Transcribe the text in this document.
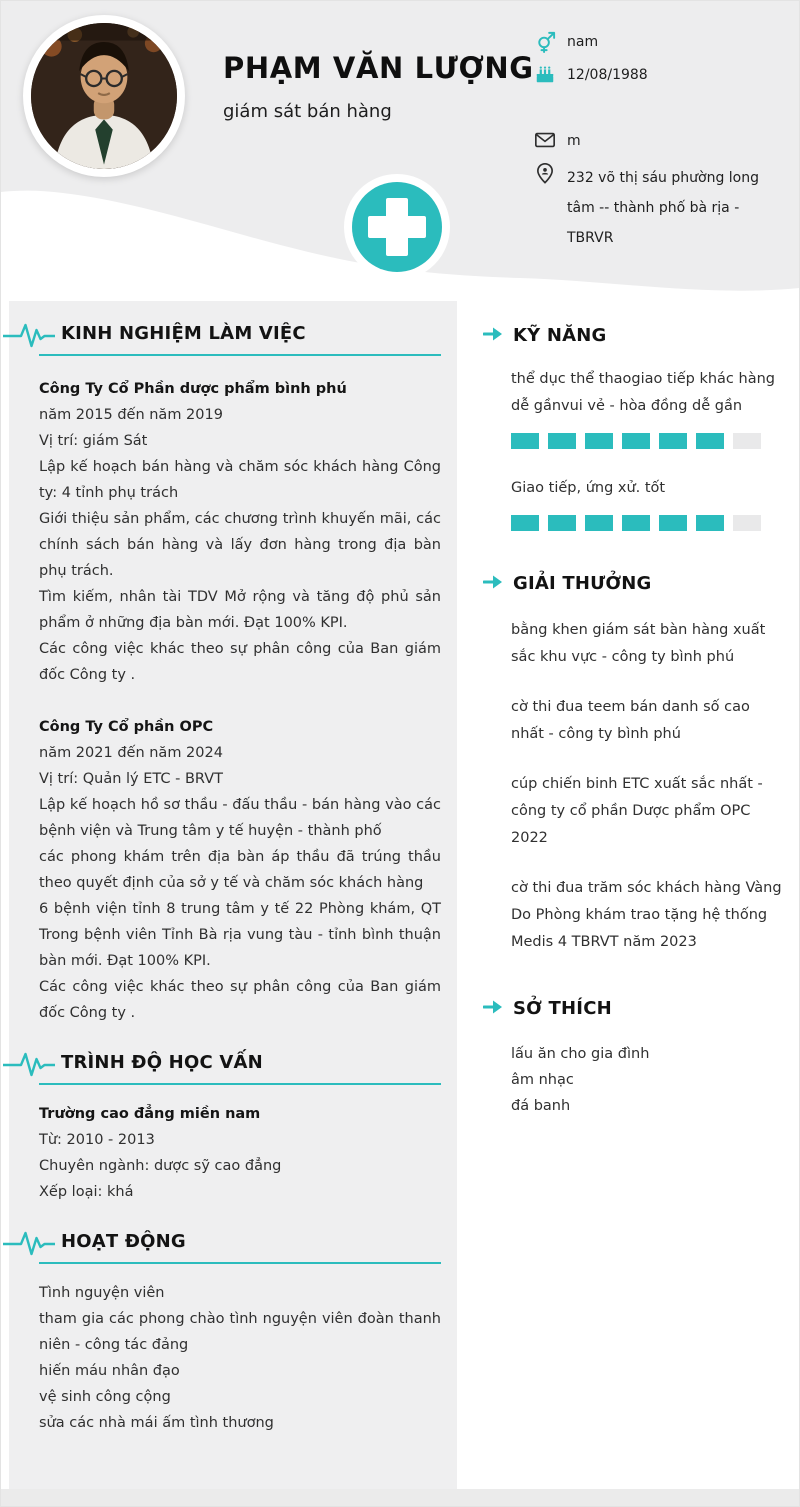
PHẠM VĂN LƯỢNG
giám sát bán hàng
nam
12/08/1988
m
232 võ thị sáu phường long tâm -- thành phố bà rịa - TBRVR
KINH NGHIỆM LÀM VIỆC
Công Ty Cổ Phần dược phẩm bình phú
năm 2015 đến năm 2019
Vị trí: giám Sát

Lập kế hoạch bán hàng và chăm sóc khách hàng Công ty: 4 tỉnh phụ trách

Giới thiệu sản phẩm, các chương trình khuyến mãi, các chính sách bán hàng và lấy đơn hàng trong địa bàn phụ trách.

Tìm kiếm, nhân tài TDV Mở rộng và tăng độ phủ sản phẩm ở những địa bàn mới. Đạt 100% KPI.

Các công việc khác theo sự phân công của Ban giám đốc Công ty .

Công Ty Cổ phần OPC
năm 2021 đến năm 2024
Vị trí: Quản lý ETC - BRVT

Lập kế hoạch hồ sơ thầu - đấu thầu - bán hàng vào các bệnh viện và Trung tâm y tế huyện - thành phố

các phong khám trên địa bàn áp thầu đã trúng thầu theo quyết định của sở y tế và chăm sóc khách hàng

6 bệnh viện tỉnh 8 trung tâm y tế 22 Phòng khám, QT Trong bệnh viên Tỉnh Bà rịa vung tàu - tỉnh bình thuận bàn mới. Đạt 100% KPI.

Các công việc khác theo sự phân công của Ban giám đốc Công ty .

TRÌNH ĐỘ HỌC VẤN
Trường cao đẳng miền nam
Từ: 2010 - 2013
Chuyên ngành: dược sỹ cao đẳng
Xếp loại: khá
HOẠT ĐỘNG
Tình nguyện viên
tham gia các phong chào tình nguyện viên đoàn thanh niên - công tác đảng
hiến máu nhân đạo
vệ sinh công cộng
sửa các nhà mái ấm tình thương
KỸ NĂNG
thể dục thể thaogiao tiếp khác hàng dễ gầnvui vẻ - hòa đồng dễ gần
Giao tiếp, ứng xử. tốt
GIẢI THƯỞNG

bằng khen giám sát bàn hàng xuất sắc khu vực - công ty bình phú

cờ thi đua teem bán danh số cao nhất - công ty bình phú

cúp chiến binh ETC xuất sắc nhất - công ty cổ phần Dược phẩm OPC 2022

cờ thi đua trăm sóc khách hàng Vàng Do Phòng khám trao tặng hệ thống Medis 4 TBRVT năm 2023

SỞ THÍCH
lấu ăn cho gia đình
âm nhạc
đá banh
